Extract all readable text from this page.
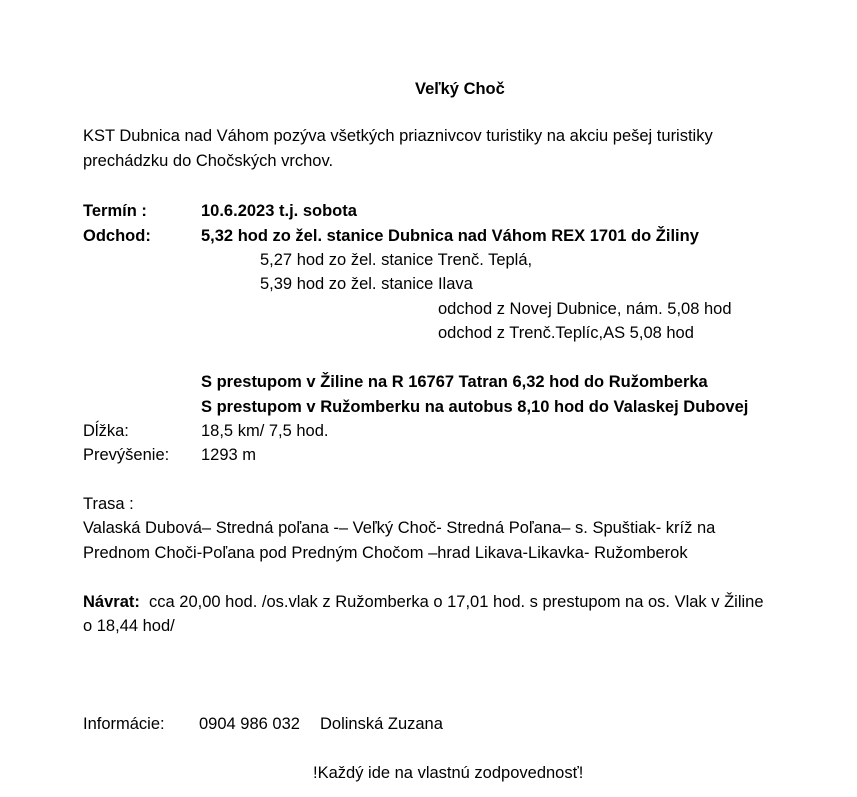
Veľký Choč
KST Dubnica nad Váhom pozýva všetkých priaznivcov turistiky na akciu pešej turistiky
prechádzku do Chočských vrchov.
Termín :	10.6.2023 t.j. sobota
Odchod:	5,32 hod zo žel. stanice Dubnica nad Váhom REX 1701 do Žiliny
5,27 hod zo žel. stanice Trenč. Teplá,
5,39 hod zo žel. stanice Ilava
odchod z Novej Dubnice, nám. 5,08 hod
odchod z Trenč.Teplíc,AS 5,08 hod
S prestupom v Žiline na R 16767 Tatran 6,32 hod do Ružomberka
S prestupom v Ružomberku na autobus 8,10 hod do Valaskej Dubovej
Dĺžka:	18,5 km/ 7,5 hod.
Prevýšenie: 1293 m
Trasa :
Valaská Dubová– Stredná poľana -– Veľký Choč- Stredná Poľana– s. Spuštiak- kríž na
Prednom Choči-Poľana pod Predným Chočom –hrad Likava-Likavka- Ružomberok
Návrat:  cca 20,00 hod. /os.vlak z Ružomberka o 17,01 hod. s prestupom na os. Vlak v Žiline
o 18,44 hod/
Informácie: 0904 986 032 Dolinská Zuzana
!Každý ide na vlastnú zodpovednosť!
